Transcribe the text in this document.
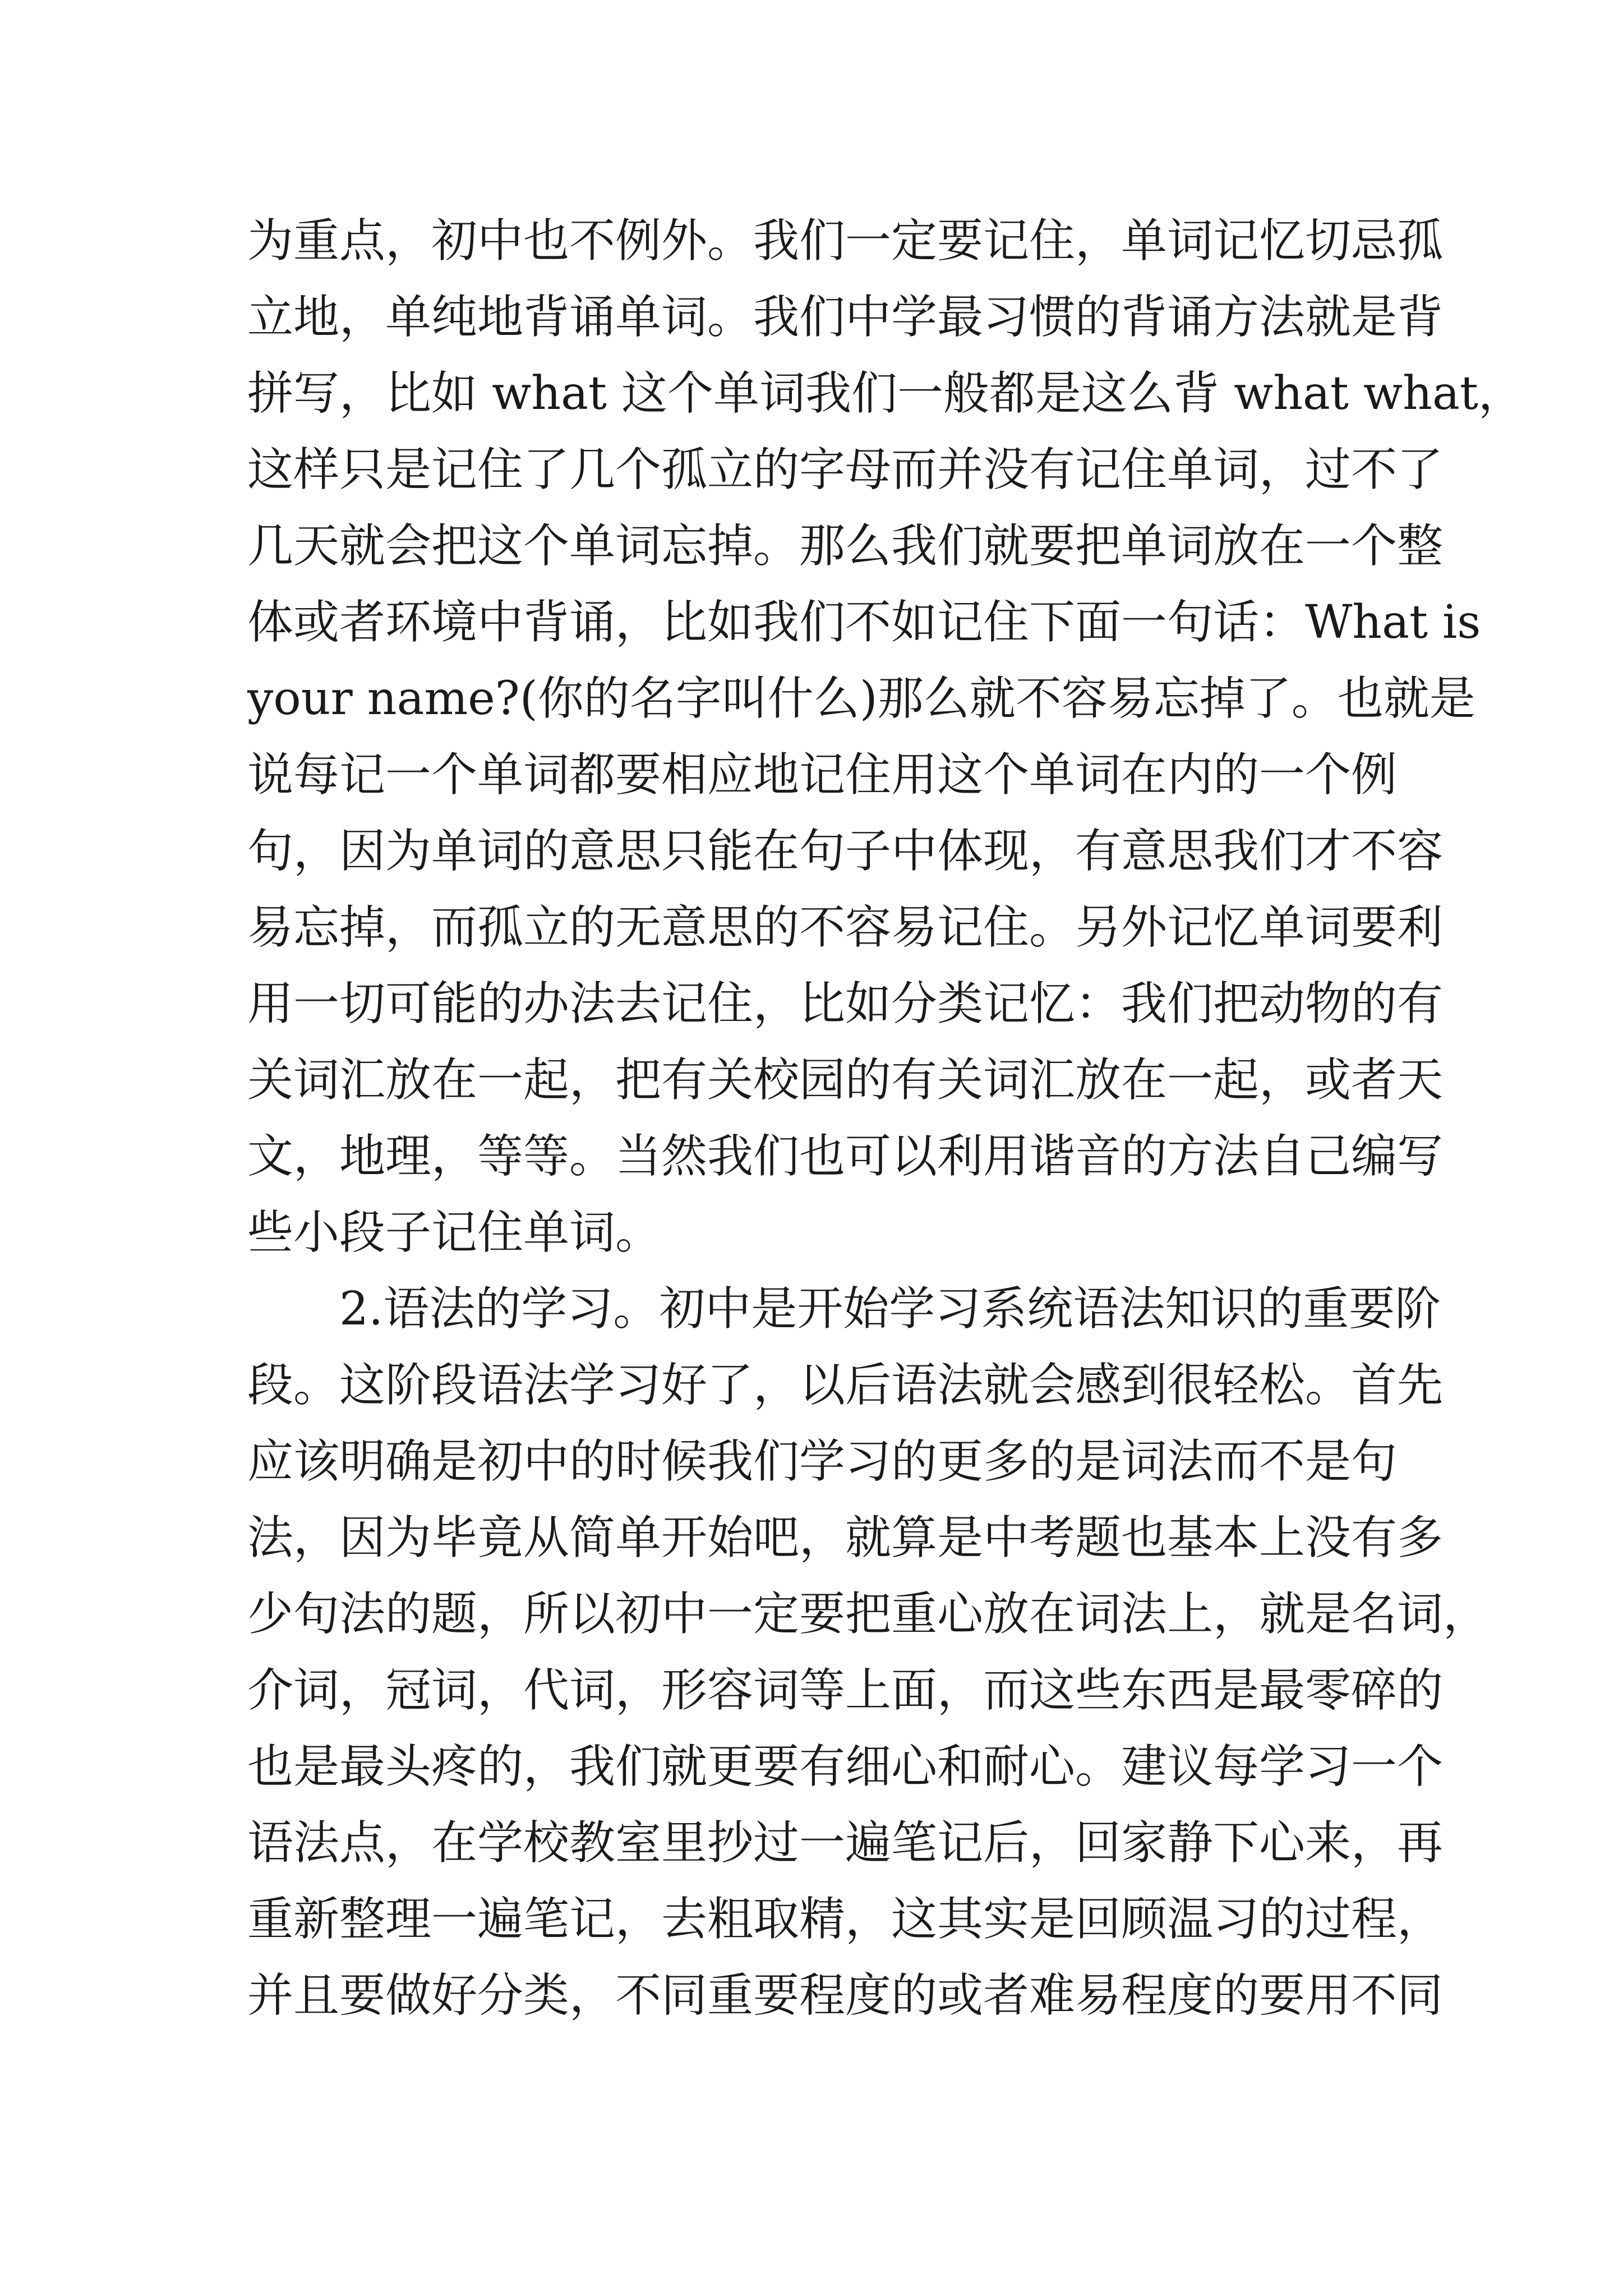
为重点，初中也不例外。我们一定要记住，单词记忆切忌孤
立地，单纯地背诵单词。我们中学最习惯的背诵方法就是背
拼写，比如 what 这个单词我们一般都是这么背 what what，
这样只是记住了几个孤立的字母而并没有记住单词，过不了
几天就会把这个单词忘掉。那么我们就要把单词放在一个整
体或者环境中背诵，比如我们不如记住下面一句话：What is
your name?(你的名字叫什么)那么就不容易忘掉了。也就是
说每记一个单词都要相应地记住用这个单词在内的一个例
句，因为单词的意思只能在句子中体现，有意思我们才不容
易忘掉，而孤立的无意思的不容易记住。另外记忆单词要利
用一切可能的办法去记住，比如分类记忆：我们把动物的有
关词汇放在一起，把有关校园的有关词汇放在一起，或者天
文，地理，等等。当然我们也可以利用谐音的方法自己编写
些小段子记住单词。
2.语法的学习。初中是开始学习系统语法知识的重要阶
段。这阶段语法学习好了，以后语法就会感到很轻松。首先
应该明确是初中的时候我们学习的更多的是词法而不是句
法，因为毕竟从简单开始吧，就算是中考题也基本上没有多
少句法的题，所以初中一定要把重心放在词法上，就是名词，
介词，冠词，代词，形容词等上面，而这些东西是最零碎的
也是最头疼的，我们就更要有细心和耐心。建议每学习一个
语法点，在学校教室里抄过一遍笔记后，回家静下心来，再
重新整理一遍笔记，去粗取精，这其实是回顾温习的过程，
并且要做好分类，不同重要程度的或者难易程度的要用不同
